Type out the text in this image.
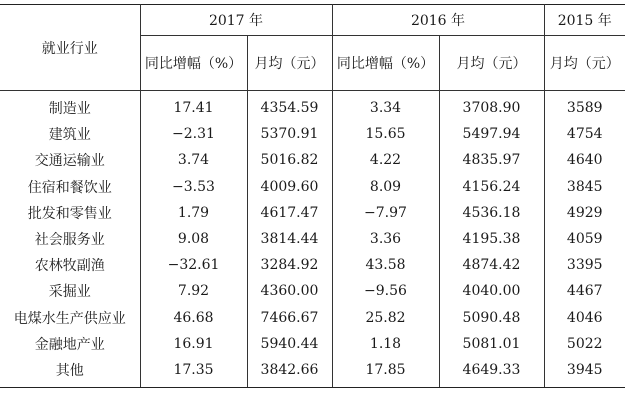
就业行业	2017 年		2016 年		2015 年
	同比增幅（%）	月均（元）	同比增幅（%）	月均（元）	月均（元）
制造业	17.41	4354.59	3.34	3708.90	3589
建筑业	−2.31	5370.91	15.65	5497.94	4754
交通运输业	3.74	5016.82	4.22	4835.97	4640
住宿和餐饮业	−3.53	4009.60	8.09	4156.24	3845
批发和零售业	1.79	4617.47	−7.97	4536.18	4929
社会服务业	9.08	3814.44	3.36	4195.38	4059
农林牧副渔	−32.61	3284.92	43.58	4874.42	3395
采掘业	7.92	4360.00	−9.56	4040.00	4467
电煤水生产供应业	46.68	7466.67	25.82	5090.48	4046
金融地产业	16.91	5940.44	1.18	5081.01	5022
其他	17.35	3842.66	17.85	4649.33	3945
